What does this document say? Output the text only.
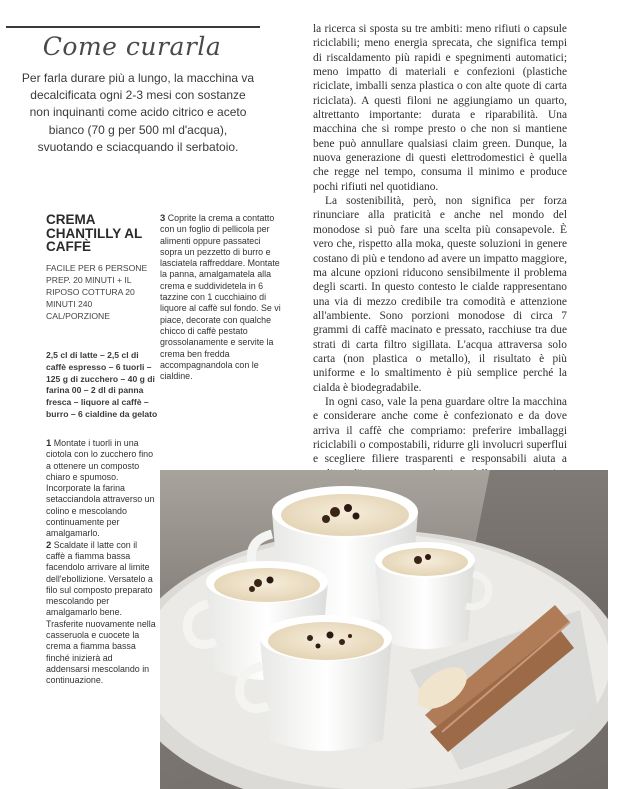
Come curarla
Per farla durare più a lungo, la macchina va decalcificata ogni 2-3 mesi con sostanze non inquinanti come acido citrico e aceto bianco (70 g per 500 ml d'acqua), svuotando e sciacquando il serbatoio.
CREMA CHANTILLY AL CAFFÈ
FACILE PER 6 PERSONE PREP. 20 MINUTI + IL RIPOSO COTTURA 20 MINUTI 240 CAL/PORZIONE
2,5 cl di latte – 2,5 cl di caffè espresso – 6 tuorli – 125 g di zucchero – 40 g di farina 00 – 2 dl di panna fresca – liquore al caffè – burro – 6 cialdine da gelato
1 Montate i tuorli in una ciotola con lo zucchero fino a ottenere un composto chiaro e spumoso. Incorporate la farina setacciandola attraverso un colino e mescolando continuamente per amalgamarlo.
2 Scaldate il latte con il caffè a fiamma bassa facendolo arrivare al limite dell'ebollizione. Versatelo a filo sul composto preparato mescolando per amalgamarlo bene. Trasferite nuovamente nella casseruola e cuocete la crema a fiamma bassa finché inizierà ad addensarsi mescolando in continuazione.
3 Coprite la crema a contatto con un foglio di pellicola per alimenti oppure passateci sopra un pezzetto di burro e lasciatela raffreddare. Montate la panna, amalgamatela alla crema e suddividetela in 6 tazzine con 1 cucchiaino di liquore al caffè sul fondo. Se vi piace, decorate con qualche chicco di caffè pestato grossolanamente e servite la crema ben fredda accompagnandola con le cialdine.

la ricerca si sposta su tre ambiti: meno rifiuti o capsule riciclabili; meno energia sprecata, che significa tempi di riscaldamento più rapidi e spegnimenti automatici; meno impatto di materiali e confezioni (plastiche riciclate, imballi senza plastica o con alte quote di carta riciclata). A questi filoni ne aggiungiamo un quarto, altrettanto importante: durata e riparabilità. Una macchina che si rompe presto o che non si mantiene bene può annullare qualsiasi claim green. Dunque, la nuova generazione di questi elettrodomestici è quella che regge nel tempo, consuma il minimo e produce pochi rifiuti nel quotidiano.

La sostenibilità, però, non significa per forza rinunciare alla praticità e anche nel mondo del monodose si può fare una scelta più consapevole. È vero che, rispetto alla moka, queste soluzioni in genere costano di più e tendono ad avere un impatto maggiore, ma alcune opzioni riducono sensibilmente il problema degli scarti. In questo contesto le cialde rappresentano una via di mezzo credibile tra comodità e attenzione all'ambiente. Sono porzioni monodose di circa 7 grammi di caffè macinato e pressato, racchiuse tra due strati di carta filtro sigillata. L'acqua attraversa solo carta (non plastica o metallo), il risultato è più uniforme e lo smaltimento è più semplice perché la cialda è biodegradabile.

In ogni caso, vale la pena guardare oltre la macchina e considerare anche come è confezionato e da dove arriva il caffè che compriamo: preferire imballaggi riciclabili o compostabili, ridurre gli involucri superflui e scegliere filiere trasparenti e responsabili aiuta a
